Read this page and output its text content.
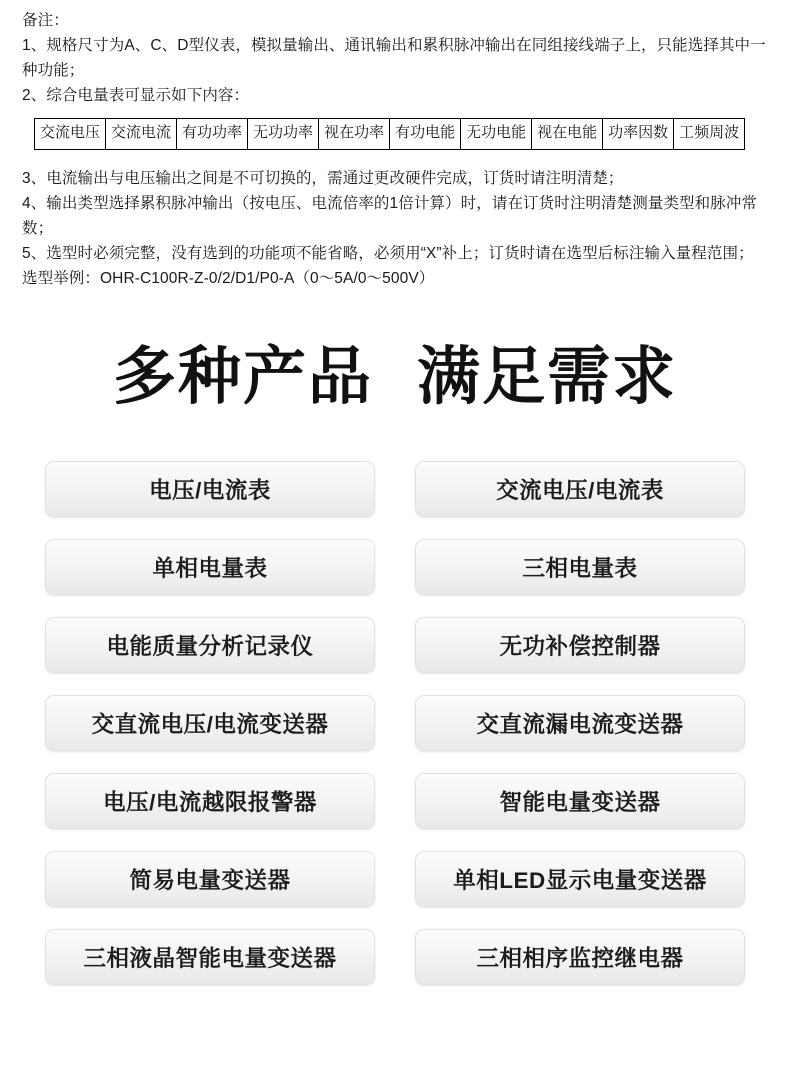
备注：

1、规格尺寸为A、C、D型仪表，模拟量输出、通讯输出和累积脉冲输出在同组接线端子上，只能选择其中一种功能；

2、综合电量表可显示如下内容：

交流电压	交流电流	有功功率	无功功率	视在功率	有功电能	无功电能	视在电能	功率因数	工频周波

3、电流输出与电压输出之间是不可切换的，需通过更改硬件完成，订货时请注明清楚；

4、输出类型选择累积脉冲输出（按电压、电流倍率的1倍计算）时，请在订货时注明清楚测量类型和脉冲常数；

5、选型时必须完整，没有选到的功能项不能省略，必须用“X”补上；订货时请在选型后标注输入量程范围；

选型举例：OHR-C100R-Z-0/2/D1/P0-A（0～5A/0～500V）

多种产品 满足需求
电压/电流表	交流电压/电流表
单相电量表	三相电量表
电能质量分析记录仪	无功补偿控制器
交直流电压/电流变送器	交直流漏电流变送器
电压/电流越限报警器	智能电量变送器
简易电量变送器	单相LED显示电量变送器
三相液晶智能电量变送器	三相相序监控继电器
